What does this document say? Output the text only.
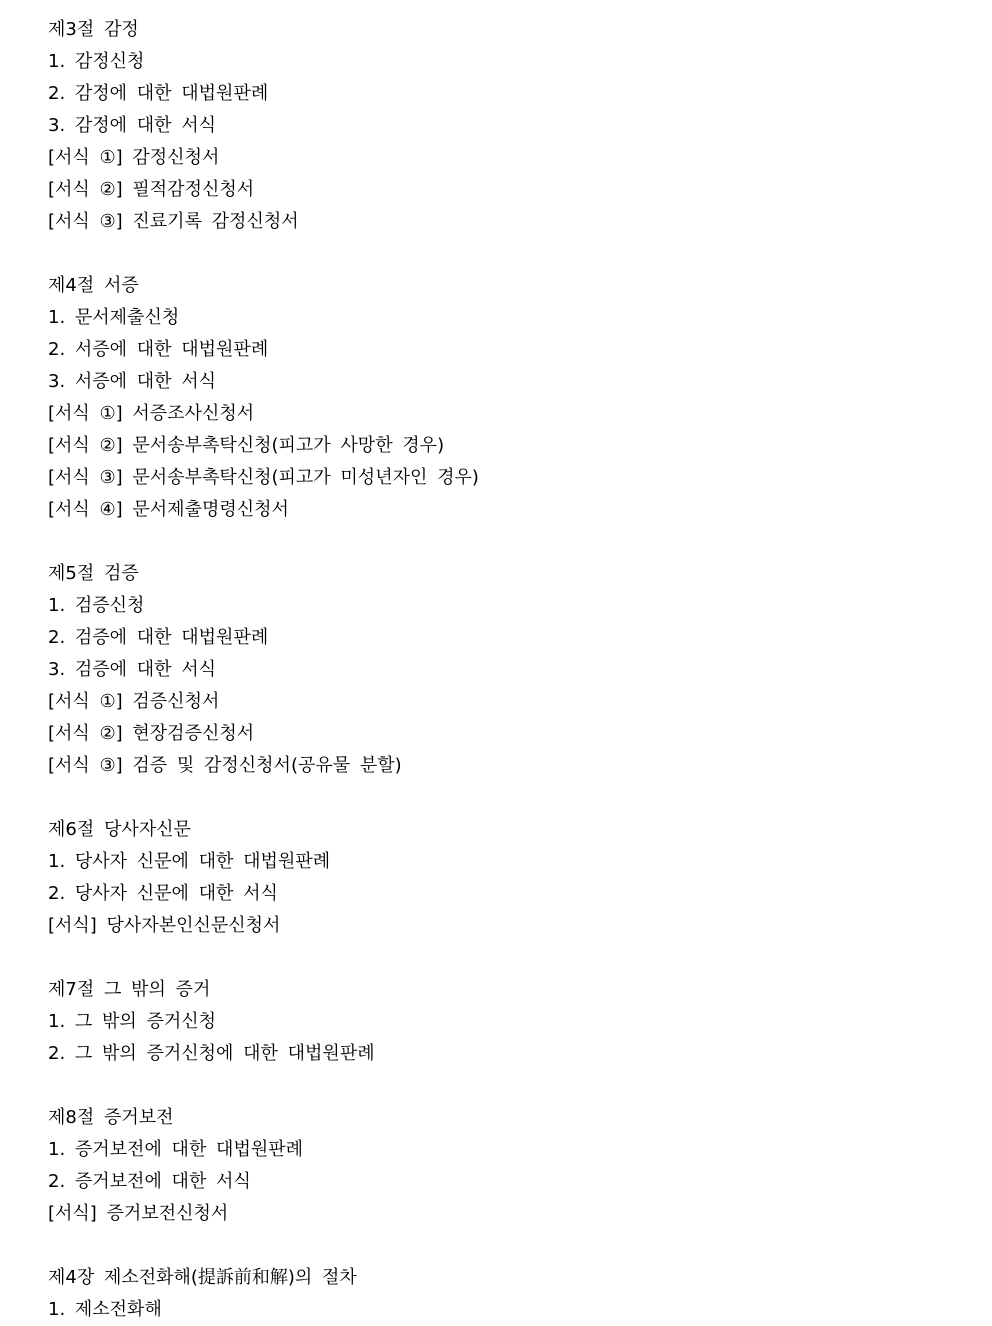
제3절 감정
1. 감정신청
2. 감정에 대한 대법원판례
3. 감정에 대한 서식
[서식 ①] 감정신청서
[서식 ②] 필적감정신청서
[서식 ③] 진료기록 감정신청서
제4절 서증
1. 문서제출신청
2. 서증에 대한 대법원판례
3. 서증에 대한 서식
[서식 ①] 서증조사신청서
[서식 ②] 문서송부촉탁신청(피고가 사망한 경우)
[서식 ③] 문서송부촉탁신청(피고가 미성년자인 경우)
[서식 ④] 문서제출명령신청서
제5절 검증
1. 검증신청
2. 검증에 대한 대법원판례
3. 검증에 대한 서식
[서식 ①] 검증신청서
[서식 ②] 현장검증신청서
[서식 ③] 검증 및 감정신청서(공유물 분할)
제6절 당사자신문
1. 당사자 신문에 대한 대법원판례
2. 당사자 신문에 대한 서식
[서식] 당사자본인신문신청서
제7절 그 밖의 증거
1. 그 밖의 증거신청
2. 그 밖의 증거신청에 대한 대법원판례
제8절 증거보전
1. 증거보전에 대한 대법원판례
2. 증거보전에 대한 서식
[서식] 증거보전신청서
제4장 제소전화해(提訴前和解)의 절차
1. 제소전화해
